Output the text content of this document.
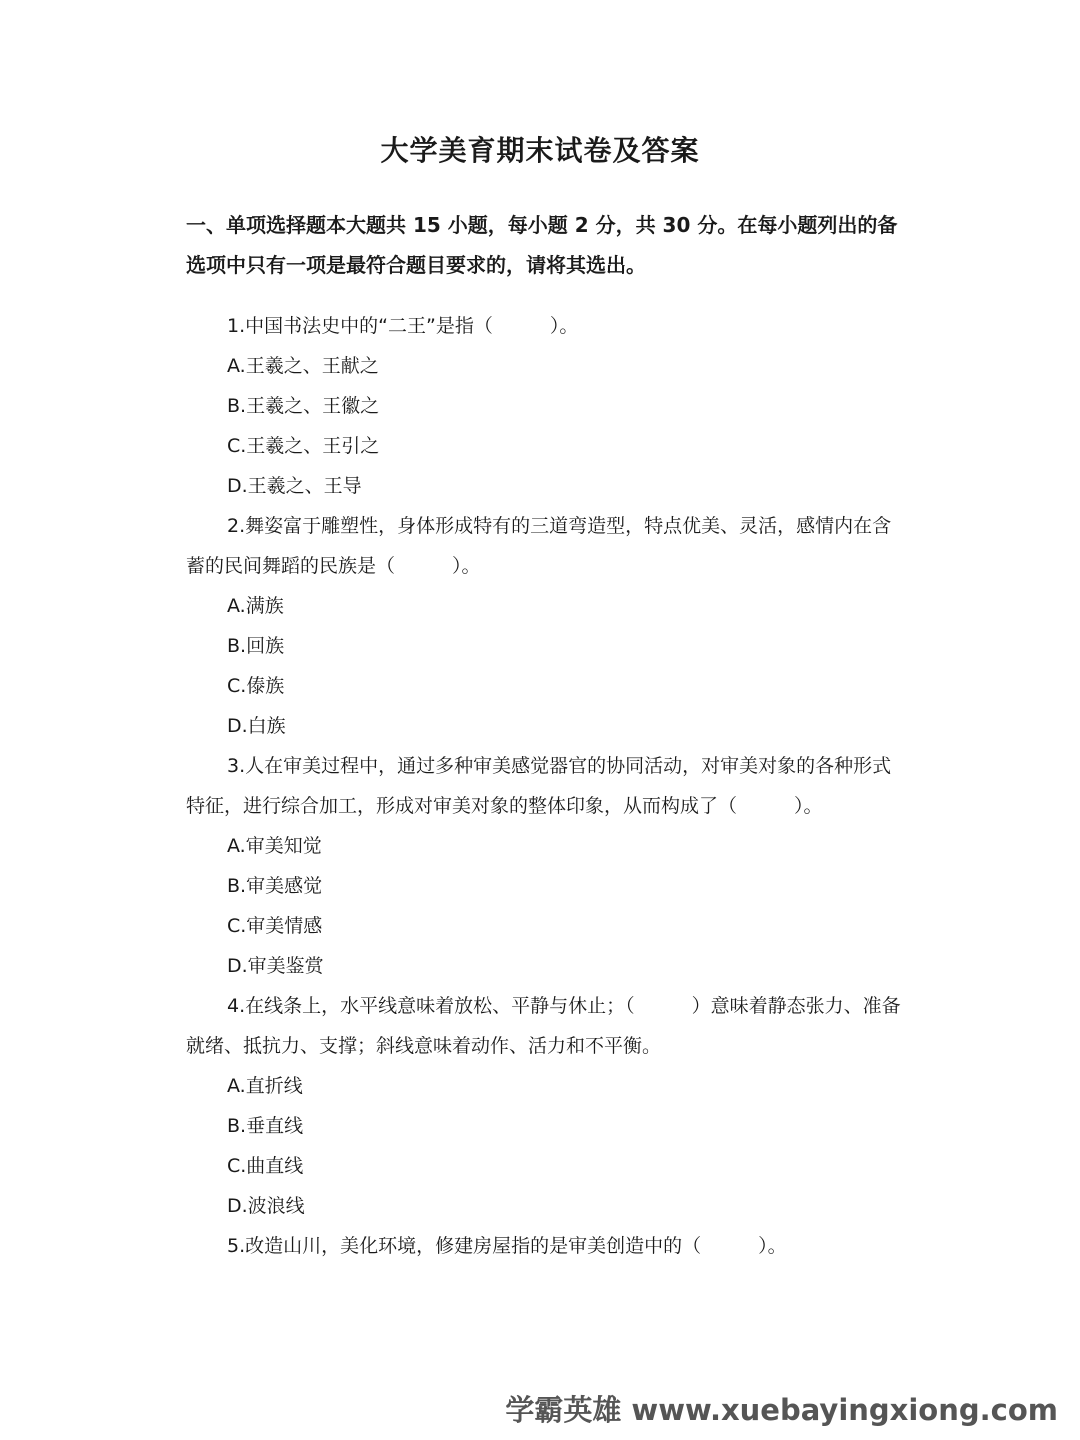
大学美育期末试卷及答案

一、单项选择题本大题共 15 小题，每小题 2 分，共 30 分。在每小题列出的备选项中只有一项是最符合题目要求的，请将其选出。

1.中国书法史中的“二王”是指（　　　）。

A.王羲之、王献之

B.王羲之、王徽之

C.王羲之、王引之

D.王羲之、王导

2.舞姿富于雕塑性，身体形成特有的三道弯造型，特点优美、灵活，感情内在含蓄的民间舞蹈的民族是（　　　）。

A.满族

B.回族

C.傣族

D.白族

3.人在审美过程中，通过多种审美感觉器官的协同活动，对审美对象的各种形式特征，进行综合加工，形成对审美对象的整体印象，从而构成了（　　　）。

A.审美知觉

B.审美感觉

C.审美情感

D.审美鉴赏

4.在线条上，水平线意味着放松、平静与休止；（　　　）意味着静态张力、准备就绪、抵抗力、支撑；斜线意味着动作、活力和不平衡。

A.直折线

B.垂直线

C.曲直线

D.波浪线

5.改造山川，美化环境，修建房屋指的是审美创造中的（　　　）。

学霸英雄 www.xuebayingxiong.com
